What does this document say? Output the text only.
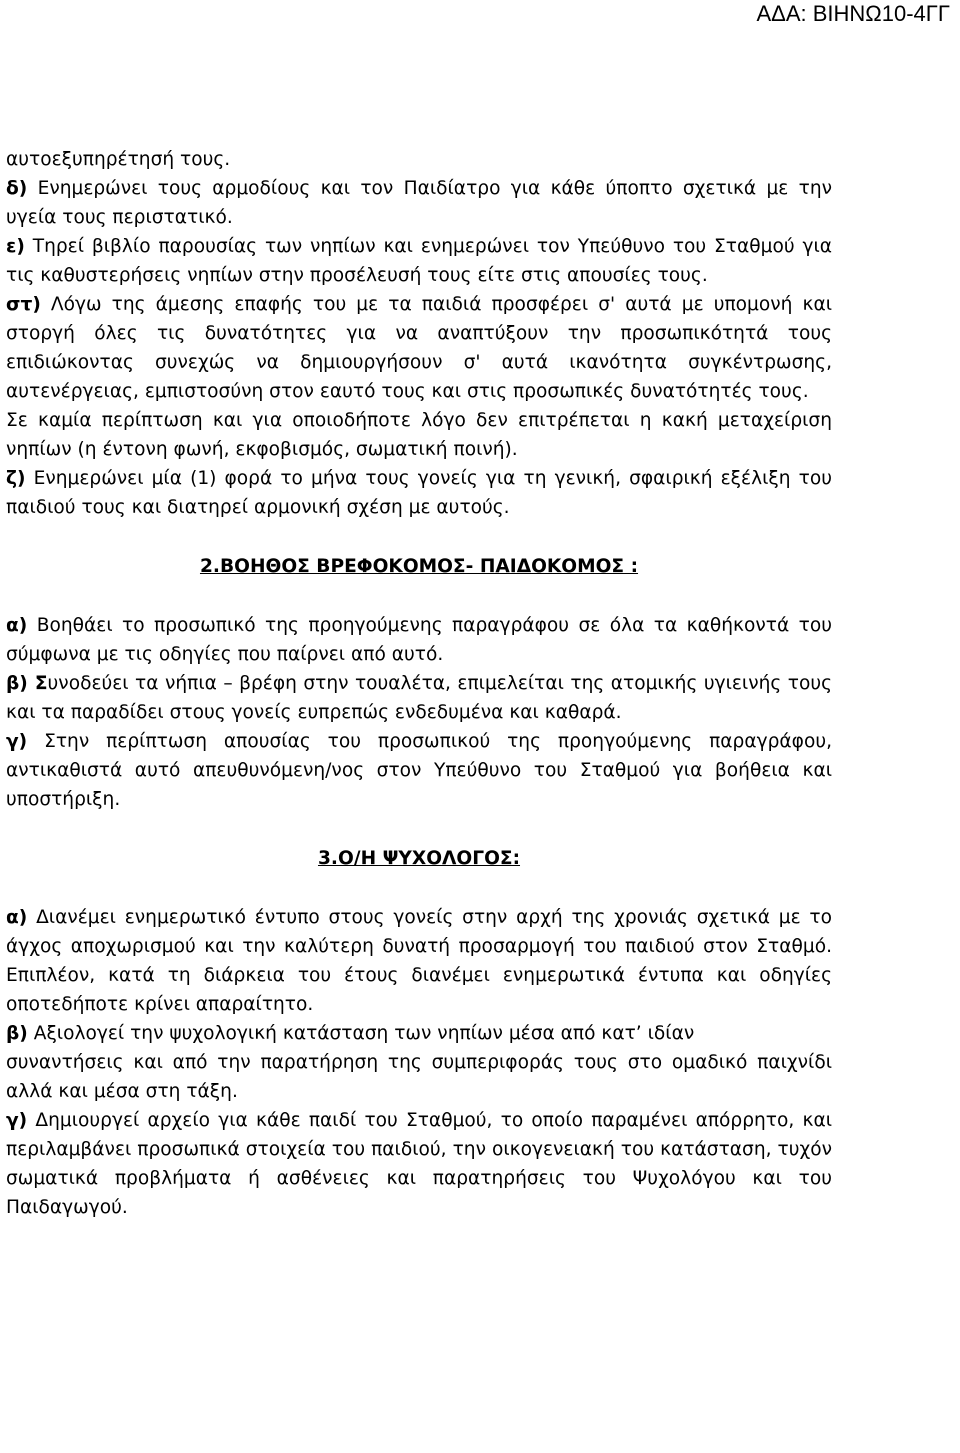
ΑΔΑ: ΒΙΗΝΩ10-4ΓΓ

αυτοεξυπηρέτησή τους.

δ) Ενημερώνει τους αρμοδίους και τον Παιδίατρο για κάθε ύποπτο σχετικά με την υγεία τους περιστατικό.

ε) Τηρεί βιβλίο παρουσίας των νηπίων και ενημερώνει τον Υπεύθυνο του Σταθμού για τις καθυστερήσεις νηπίων στην προσέλευσή τους είτε στις απουσίες τους.

στ) Λόγω της άμεσης επαφής του με τα παιδιά προσφέρει σ' αυτά με υπομονή και στοργή όλες τις δυνατότητες για να αναπτύξουν την προσωπικότητά τους επιδιώκοντας συνεχώς να δημιουργήσουν σ' αυτά ικανότητα συγκέντρωσης, αυτενέργειας, εμπιστοσύνη στον εαυτό τους και στις προσωπικές δυνατότητές τους.

Σε καμία περίπτωση και για οποιοδήποτε λόγο δεν επιτρέπεται η κακή μεταχείριση νηπίων (η έντονη φωνή, εκφοβισμός, σωματική ποινή).

ζ) Ενημερώνει μία (1) φορά το μήνα τους γονείς για τη γενική, σφαιρική εξέλιξη του παιδιού τους και διατηρεί αρμονική σχέση με αυτούς.

2.ΒΟΗΘΟΣ ΒΡΕΦΟΚΟΜΟΣ- ΠΑΙΔΟΚΟΜΟΣ :

α) Βοηθάει το προσωπικό της προηγούμενης παραγράφου σε όλα τα καθήκοντά του σύμφωνα με τις οδηγίες που παίρνει από αυτό.

β) Συνοδεύει τα νήπια – βρέφη στην τουαλέτα, επιμελείται της ατομικής υγιεινής τους και τα παραδίδει στους γονείς ευπρεπώς ενδεδυμένα και καθαρά.

γ) Στην περίπτωση απουσίας του προσωπικού της προηγούμενης παραγράφου, αντικαθιστά αυτό απευθυνόμενη/νος στον Υπεύθυνο του Σταθμού για βοήθεια και υποστήριξη.

3.Ο/Η ΨΥΧΟΛΟΓΟΣ:

α) Διανέμει ενημερωτικό έντυπο στους γονείς στην αρχή της χρονιάς σχετικά με το άγχος αποχωρισμού και την καλύτερη δυνατή προσαρμογή του παιδιού στον Σταθμό. Επιπλέον, κατά τη διάρκεια του έτους διανέμει ενημερωτικά έντυπα και οδηγίες οποτεδήποτε κρίνει απαραίτητο.

β) Αξιολογεί την ψυχολογική κατάσταση των νηπίων μέσα από κατ’ ιδίαν

συναντήσεις και από την παρατήρηση της συμπεριφοράς τους στο ομαδικό παιχνίδι αλλά και μέσα στη τάξη.

γ) Δημιουργεί αρχείο για κάθε παιδί του Σταθμού, το οποίο παραμένει απόρρητο, και περιλαμβάνει προσωπικά στοιχεία του παιδιού, την οικογενειακή του κατάσταση, τυχόν σωματικά προβλήματα ή ασθένειες και παρατηρήσεις του Ψυχολόγου και του Παιδαγωγού.
